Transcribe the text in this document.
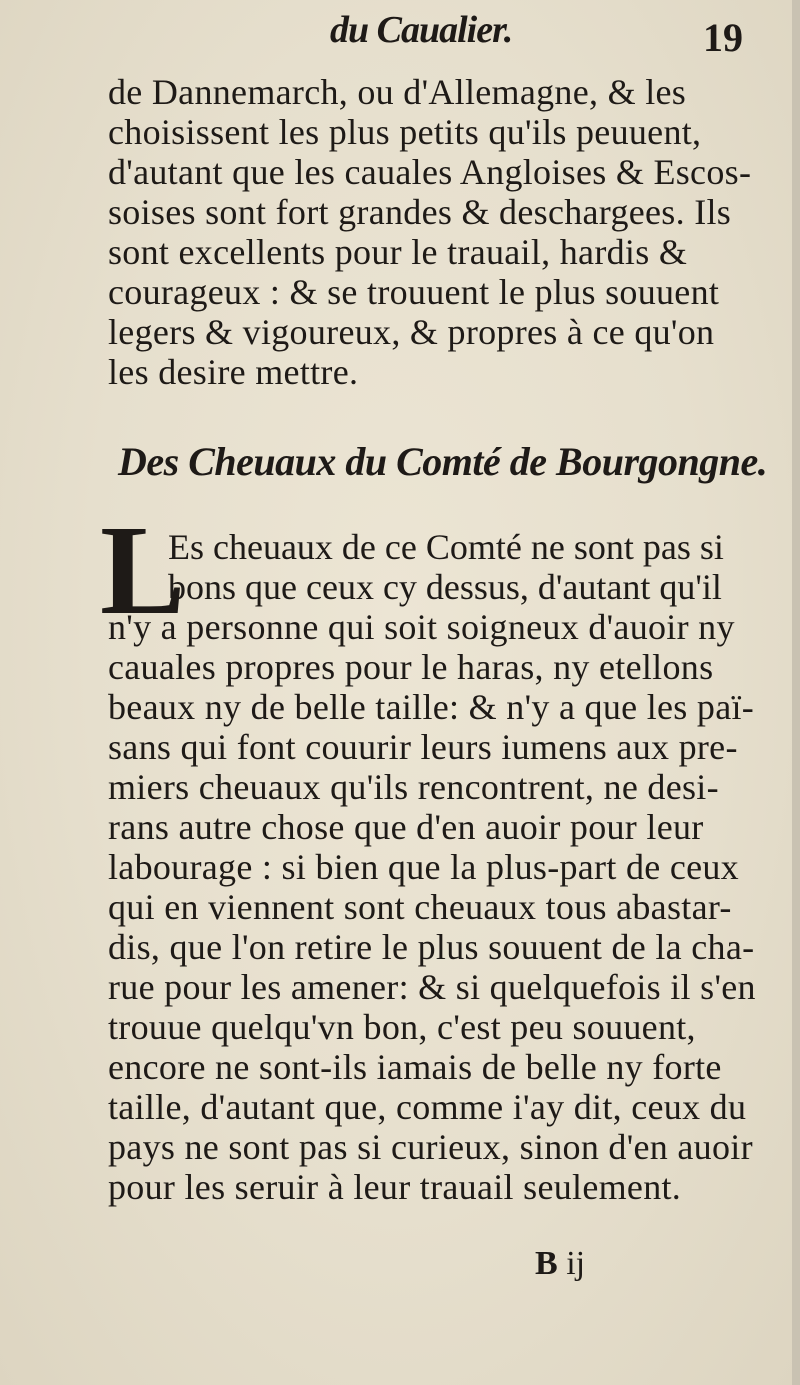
du Caualier.	19
de Dannemarch, ou d'Allemagne, & les
choisissent les plus petits qu'ils peuuent,
d'autant que les cauales Angloises & Escos-
soises sont fort grandes & deschargees. Ils
sont excellents pour le trauail, hardis &
courageux : & se trouuent le plus souuent
legers & vigoureux, & propres à ce qu'on
les desire mettre.
Des Cheuaux du Comté de Bourgongne.
L
Es cheuaux de ce Comté ne sont pas si
bons que ceux cy dessus, d'autant qu'il
n'y a personne qui soit soigneux d'auoir ny
cauales propres pour le haras, ny etellons
beaux ny de belle taille: & n'y a que les paï-
sans qui font couurir leurs iumens aux pre-
miers cheuaux qu'ils rencontrent, ne desi-
rans autre chose que d'en auoir pour leur
labourage : si bien que la plus-part de ceux
qui en viennent sont cheuaux tous abastar-
dis, que l'on retire le plus souuent de la cha-
rue pour les amener: & si quelquefois il s'en
trouue quelqu'vn bon, c'est peu souuent,
encore ne sont-ils iamais de belle ny forte
taille, d'autant que, comme i'ay dit, ceux du
pays ne sont pas si curieux, sinon d'en auoir
pour les seruir à leur trauail seulement.
B ij
